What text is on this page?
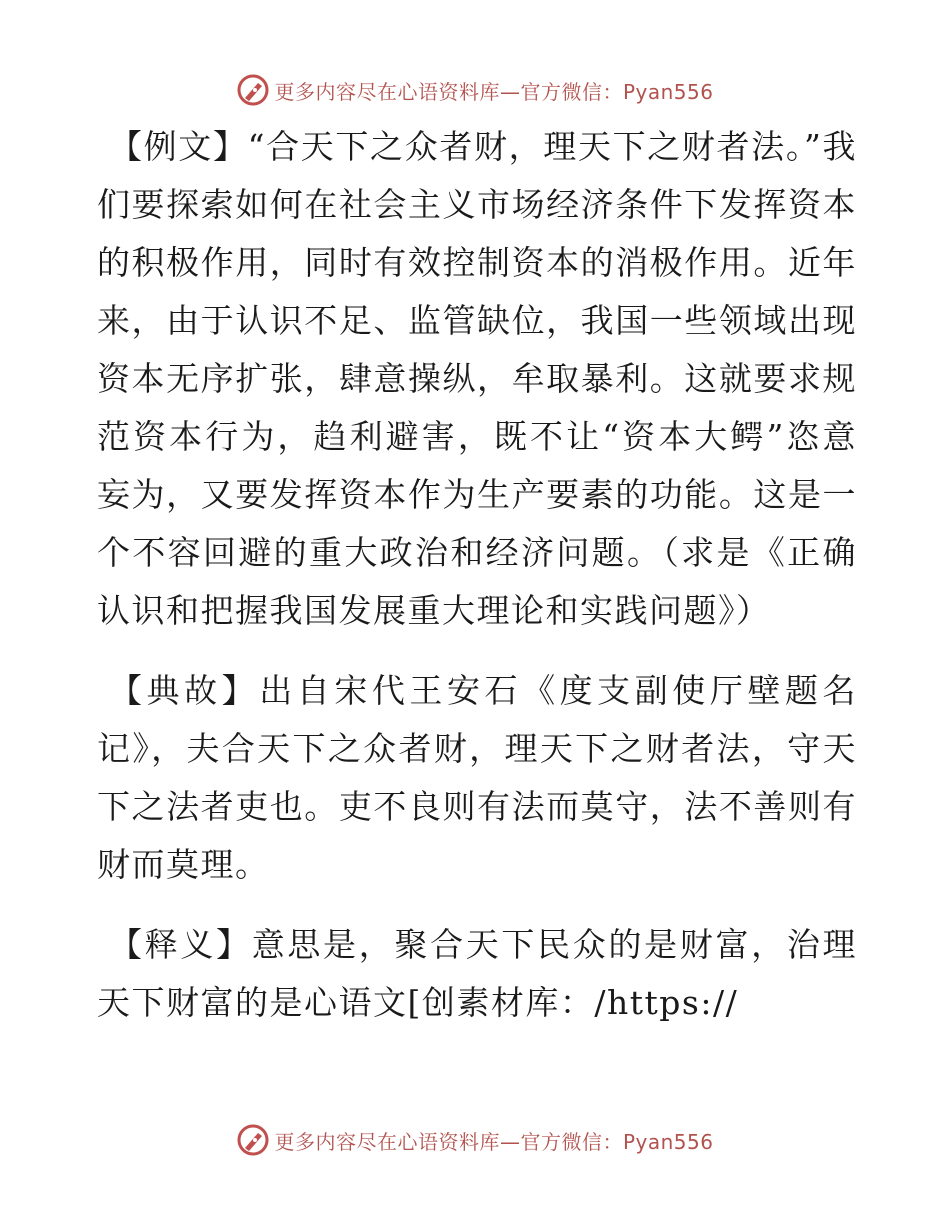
更多内容尽在心语资料库—官方微信：Pyan556

【例文】“合天下之众者财，理天下之财者法。”我们要探索如何在社会主义市场经济条件下发挥资本的积极作用，同时有效控制资本的消极作用。近年来，由于认识不足、监管缺位，我国一些领域出现资本无序扩张，肆意操纵，牟取暴利。这就要求规范资本行为，趋利避害，既不让“资本大鳄”恣意妄为，又要发挥资本作为生产要素的功能。这是一个不容回避的重大政治和经济问题。（求是《正确认识和把握我国发展重大理论和实践问题》）

【典故】出自宋代王安石《度支副使厅壁题名记》，夫合天下之众者财，理天下之财者法，守天下之法者吏也。吏不良则有法而莫守，法不善则有财而莫理。

【释义】意思是，聚合天下民众的是财富，治理天下财富的是心语文[创素材库：/https://

更多内容尽在心语资料库—官方微信：Pyan556
